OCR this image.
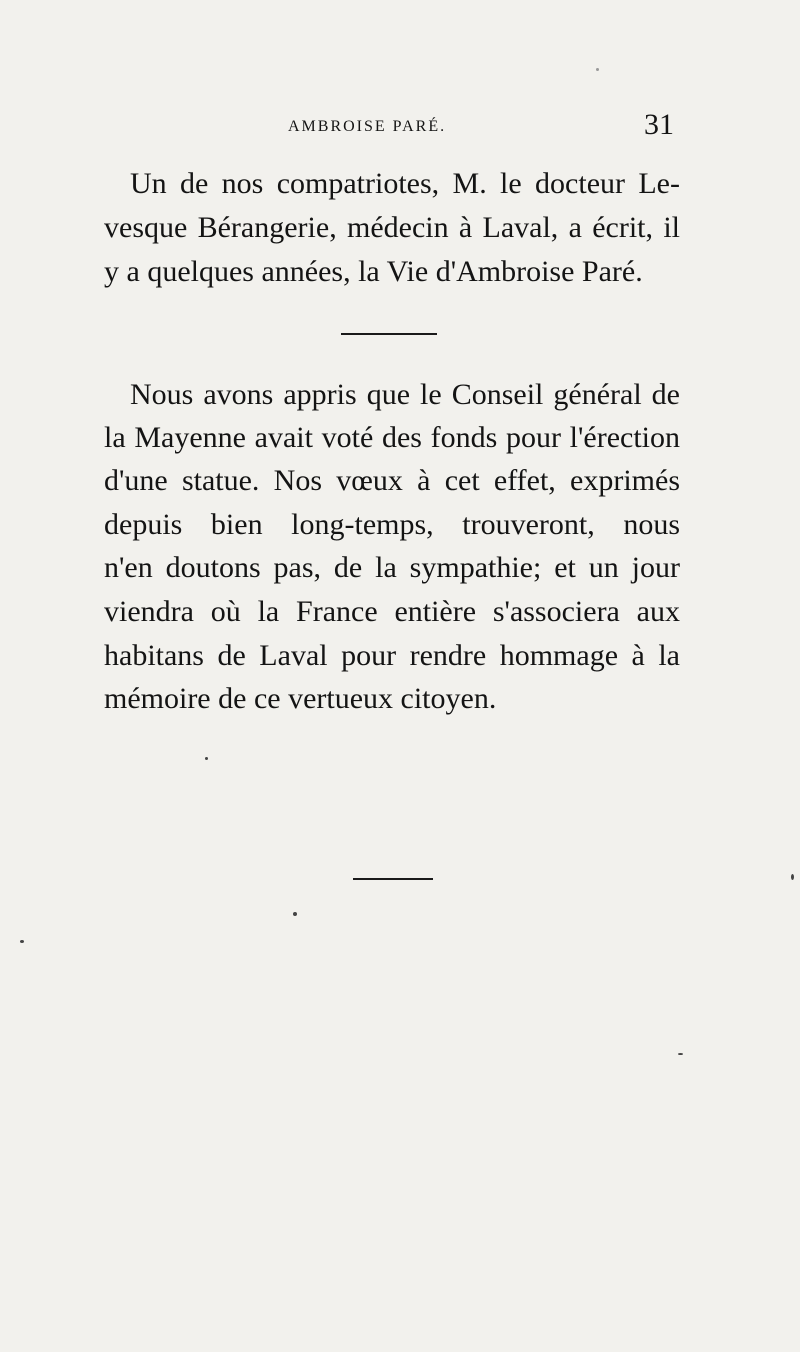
AMBROISE PARÉ.	31
Un de nos compatriotes, M. le docteur Le-
vesque Bérangerie, médecin à Laval, a écrit, il
y a quelques années, la Vie d'Ambroise Paré.
Nous avons appris que le Conseil général de
la Mayenne avait voté des fonds pour l'érection
d'une statue. Nos vœux à cet effet, exprimés
depuis bien long-temps, trouveront, nous
n'en doutons pas, de la sympathie; et un jour
viendra où la France entière s'associera aux
habitans de Laval pour rendre hommage à la
mémoire de ce vertueux citoyen.
